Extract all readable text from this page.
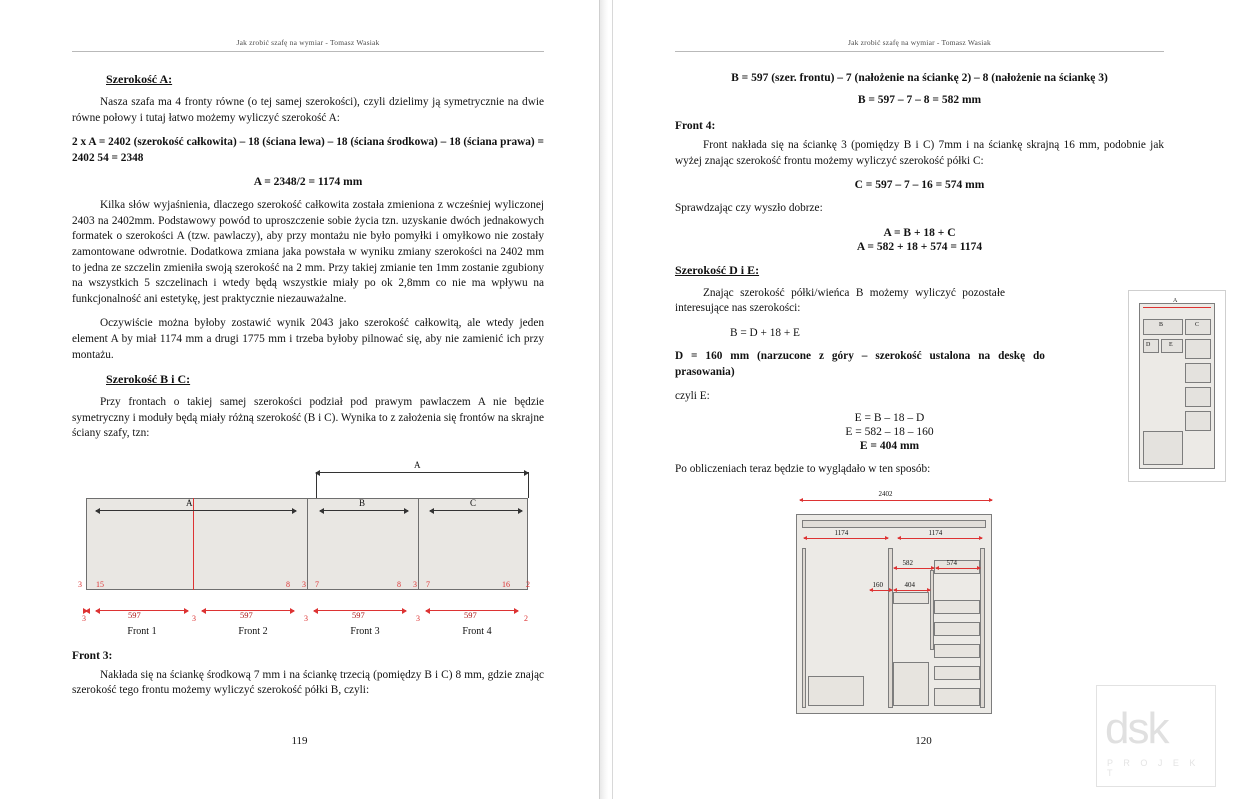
Jak zrobić szafę na wymiar - Tomasz Wasiak
Szerokość A:

Nasza szafa ma 4 fronty równe (o tej samej szerokości), czyli dzielimy ją symetrycznie na dwie równe połowy i tutaj łatwo możemy wyliczyć szerokość A:

2 x A = 2402 (szerokość całkowita) – 18 (ściana lewa) – 18 (ściana środkowa) – 18 (ściana prawa) = 2402 54 = 2348

A = 2348/2 = 1174 mm

Kilka słów wyjaśnienia, dlaczego szerokość całkowita została zmieniona z wcześniej wyliczonej 2403 na 2402mm. Podstawowy powód to uproszczenie sobie życia tzn. uzyskanie dwóch jednakowych formatek o szerokości A (tzw. pawlaczy), aby przy montażu nie było pomyłki i omyłkowo nie zostały zamontowane odwrotnie. Dodatkowa zmiana jaka powstała w wyniku zmiany szerokości na 2402 mm to jedna ze szczelin zmieniła swoją szerokość na 2 mm. Przy takiej zmianie ten 1mm zostanie zgubiony na wszystkich 5 szczelinach i wtedy będą wszystkie miały po ok 2,8mm co nie ma wpływu na funkcjonalność ani estetykę, jest praktycznie niezauważalne.

Oczywiście można byłoby zostawić wynik 2043 jako szerokość całkowitą, ale wtedy jeden element A by miał 1174 mm a drugi 1775 mm i trzeba byłoby pilnować się, aby nie zamienić ich przy montażu.

Szerokość B i C:

Przy frontach o takiej samej szerokości podział pod prawym pawlaczem A nie będzie symetryczny i moduły będą miały różną szerokość (B i C). Wynika to z założenia się frontów na skrajne ściany szafy, tzn:

A
A	B	C
3 15	8 3 7	8 3 7	16 2
3	597	3	597	3	597	3	597	2
Front 1	Front 2	Front 3	Front 4
Front 3:

Nakłada się na ściankę środkową 7 mm i na ściankę trzecią (pomiędzy B i C) 8 mm, gdzie znając szerokość tego frontu możemy wyliczyć szerokość półki B, czyli:

119
Jak zrobić szafę na wymiar - Tomasz Wasiak

B = 597 (szer. frontu) – 7 (nałożenie na ściankę 2) – 8 (nałożenie na ściankę 3)

B = 597 – 7 – 8 = 582 mm

Front 4:

Front nakłada się na ściankę 3 (pomiędzy B i C) 7mm i na ściankę skrajną 16 mm, podobnie jak wyżej znając szerokość frontu możemy wyliczyć szerokość półki C:

C = 597 – 7 – 16 = 574 mm

Sprawdzając czy wyszło dobrze:

A = B + 18 + C

A = 582 + 18 + 574 = 1174

Szerokość D i E:

Znając szerokość półki/wieńca B możemy wyliczyć pozostałe interesujące nas szerokości:

B = D + 18 + E

D = 160 mm (narzucone z góry – szerokość ustalona na deskę do prasowania)

czyli E:

E = B – 18 – D

E = 582 – 18 – 160

E = 404 mm

Po obliczeniach teraz będzie to wyglądało w ten sposób:

A
B	C
D	E
2402
1174	1174
582	574
160	404
120	dsk
P R O J E K T
